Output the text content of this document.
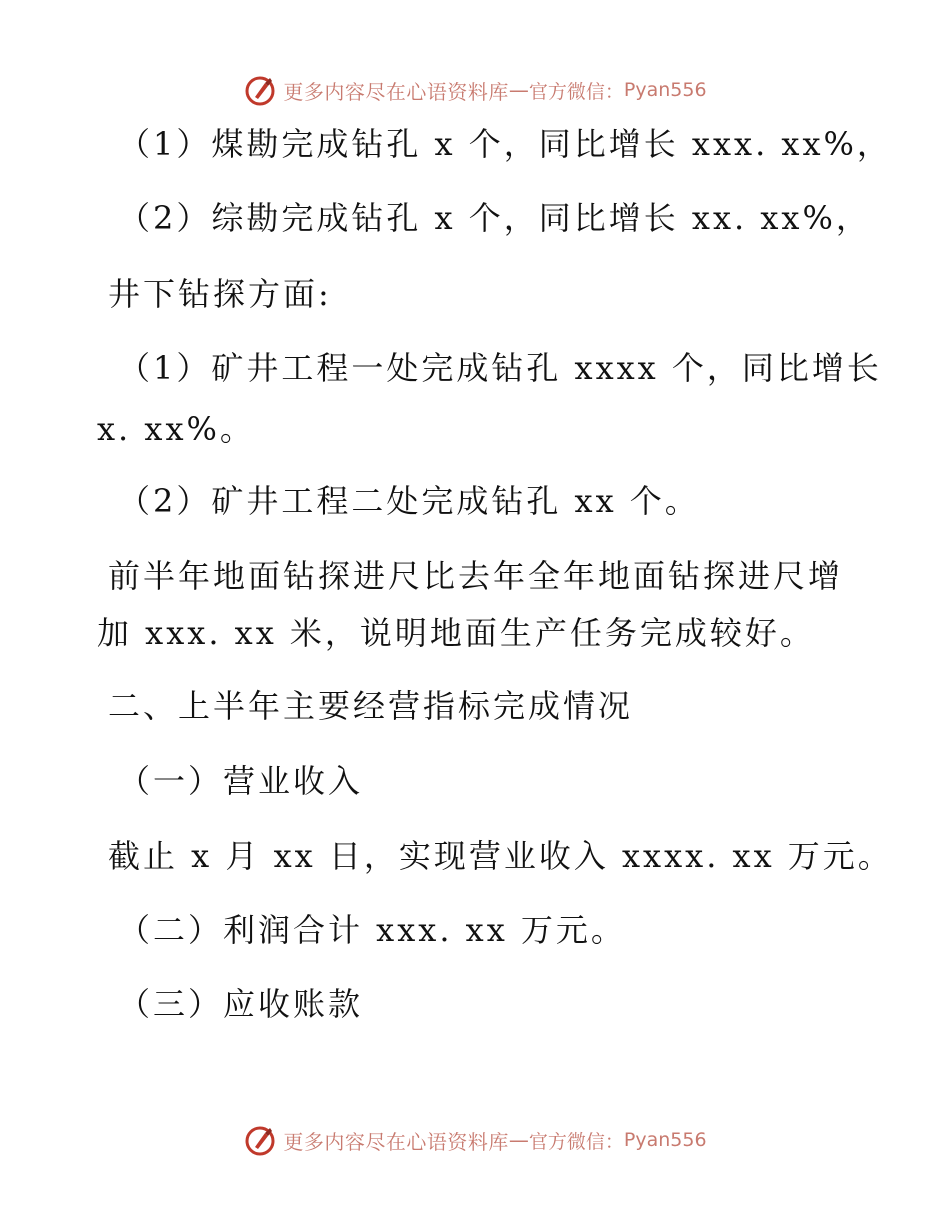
更多内容尽在心语资料库 — 官方微信： Pyan556
（1）煤勘完成钻孔 x 个，同比增长 xxx. xx%，
（2）综勘完成钻孔 x 个，同比增长 xx. xx%，
井下钻探方面:
（1）矿井工程一处完成钻孔 xxxx 个，同比增长
x. xx%。
（2）矿井工程二处完成钻孔 xx 个。
前半年地面钻探进尺比去年全年地面钻探进尺增
加 xxx. xx 米，说明地面生产任务完成较好。
二、上半年主要经营指标完成情况
（一）营业收入
截止 x 月 xx 日，实现营业收入 xxxx. xx 万元。
（二）利润合计 xxx. xx 万元。
（三）应收账款
更多内容尽在心语资料库 — 官方微信： Pyan556
